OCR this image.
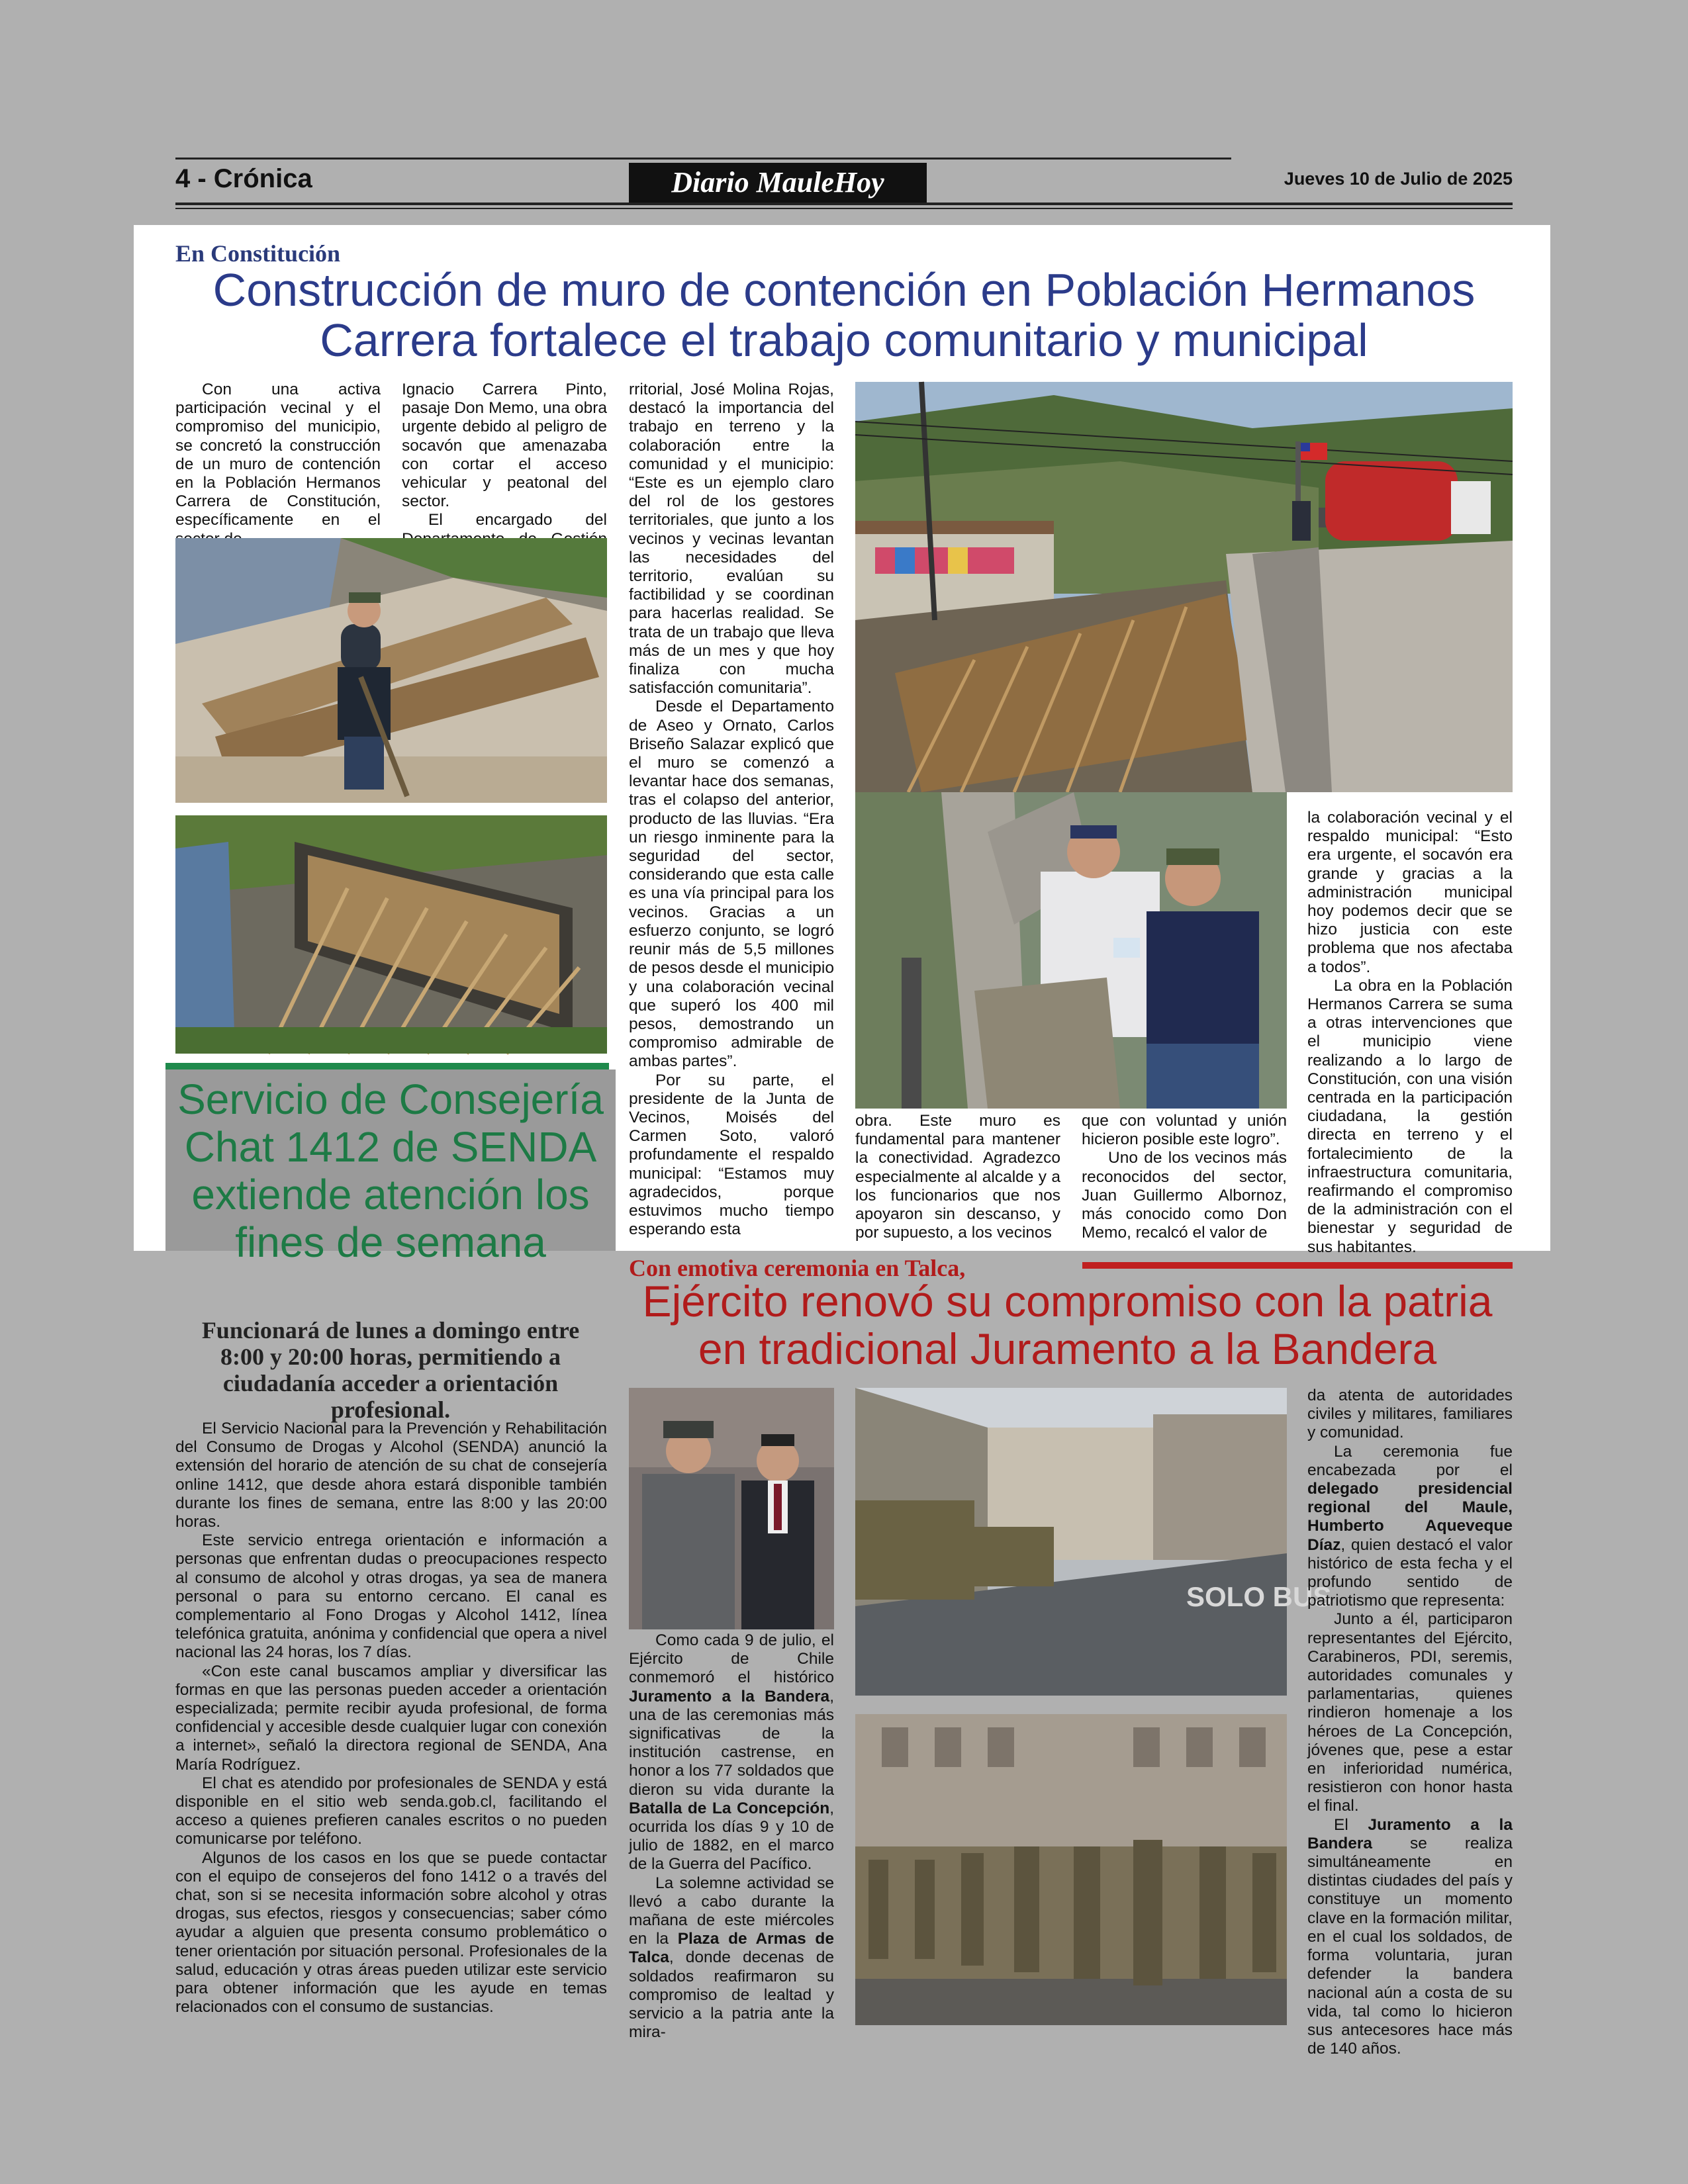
4 - Crónica	Diario MauleHoy	Jueves 10 de Julio de 2025
En Constitución
Construcción de muro de contención en Población Hermanos
Carrera fortalece el trabajo comunitario y municipal

Con una activa participación vecinal y el compromiso del municipio, se concretó la construcción de un muro de contención en la Población Hermanos Carrera de Constitución, específicamente en el

Ignacio Carrera Pinto, pasaje Don Memo, una obra urgente debido al peligro de socavón que amenazaba con cortar el acceso vehicular y peatonal del sector.

El encargado del

rritorial, José Molina Rojas, destacó la importancia del trabajo en terreno y la colaboración entre la comunidad y el municipio: “Este es un ejemplo claro del rol de los gestores territoriales, que junto a los vecinos y vecinas levantan las necesidades del territorio, evalúan su factibilidad y se coordinan para hacerlas realidad. Se trata de un trabajo que lleva más de un mes y que hoy finaliza con mucha satisfacción comunitaria”.

Desde el Departamento de Aseo y Ornato, Carlos Briseño Salazar explicó que el muro se comenzó a levantar hace dos semanas, tras el colapso del anterior, producto de las lluvias. “Era un riesgo inminente para la seguridad del sector, considerando que esta calle es una vía principal para los vecinos. Gracias a un esfuerzo conjunto, se logró reunir más de 5,5 millones de pesos desde el municipio y una colaboración vecinal que superó los 400 mil pesos, demostrando un compromiso admirable de ambas partes”.

Por su parte, el presidente de la Junta de Vecinos, Moisés del Carmen Soto, valoró profundamente el respaldo municipal: “Estamos muy agradecidos, porque estuvimos mucho tiempo esperando esta

obra. Este muro es fundamental para mantener la conectividad. Agradezco especialmente al alcalde y a los funcionarios que nos apoyaron sin descanso, y por supuesto, a los vecinos

que con voluntad y unión hicieron posible este logro”.

Uno de los vecinos más reconocidos del sector, Juan Guillermo Albornoz, más conocido como Don Memo, recalcó el valor de

la colaboración vecinal y el respaldo municipal: “Esto era urgente, el socavón era grande y gracias a la administración municipal hoy podemos decir que se hizo justicia con este problema que nos afectaba a todos”.

La obra en la Población Hermanos Carrera se suma a otras intervenciones que el municipio viene realizando a lo largo de Constitución, con una visión centrada en la participación ciudadana, la gestión directa en terreno y el fortalecimiento de la infraestructura comunitaria, reafirmando el compromiso de la administración con el bienestar y seguridad de sus habitantes.

Servicio de Consejería Chat 1412 de SENDA extiende atención los fines de semana
Funcionará de lunes a domingo entre 8:00 y 20:00 horas, permitiendo a ciudadanía acceder a orientación profesional.

El Servicio Nacional para la Prevención y Rehabilitación del Consumo de Drogas y Alcohol (SENDA) anunció la extensión del horario de atención de su chat de consejería online 1412, que desde ahora estará disponible también durante los fines de semana, entre las 8:00 y las 20:00 horas.

Este servicio entrega orientación e información a personas que enfrentan dudas o preocupaciones respecto al consumo de alcohol y otras drogas, ya sea de manera personal o para su entorno cercano. El canal es complementario al Fono Drogas y Alcohol 1412, línea telefónica gratuita, anónima y confidencial que opera a nivel nacional las 24 horas, los 7 días.

«Con este canal buscamos ampliar y diversificar las formas en que las personas pueden acceder a orientación especializada; permite recibir ayuda profesional, de forma confidencial y accesible desde cualquier lugar con conexión a internet», señaló la directora regional de SENDA, Ana María Rodríguez.

El chat es atendido por profesionales de SENDA y está disponible en el sitio web senda.gob.cl, facilitando el acceso a quienes prefieren canales escritos o no pueden comunicarse por teléfono.

Algunos de los casos en los que se puede contactar con el equipo de consejeros del fono 1412 o a través del chat, son si se necesita información sobre alcohol y otras drogas, sus efectos, riesgos y consecuencias; saber cómo ayudar a alguien que presenta consumo problemático o tener orientación por situación personal. Profesionales de la salud, educación y otras áreas pueden utilizar este servicio para obtener información que les ayude en temas relacionados con el consumo de sustancias.

Con emotiva ceremonia en Talca,
Ejército renovó su compromiso con la patria
en tradicional Juramento a la Bandera

Como cada 9 de julio, el Ejército de Chile conmemoró el histórico Juramento a la Bandera, una de las ceremonias más significativas de la institución castrense, en honor a los 77 soldados que dieron su vida durante la Batalla de La Concepción, ocurrida los días 9 y 10 de julio de 1882, en el marco de la Guerra del Pacífico.

La solemne actividad se llevó a cabo durante la mañana de este miércoles en la Plaza de Armas de Talca, donde decenas de soldados reafirmaron su compromiso de lealtad y servicio a la patria ante la mira-

SOLO BUS

da atenta de autoridades civiles y militares, familiares y comunidad.

La ceremonia fue encabezada por el delegado presidencial regional del Maule, Humberto Aqueveque Díaz, quien destacó el valor histórico de esta fecha y el profundo sentido de patriotismo que representa:

Junto a él, participaron representantes del Ejército, Carabineros, PDI, seremis, autoridades comunales y parlamentarias, quienes rindieron homenaje a los héroes de La Concepción, jóvenes que, pese a estar en inferioridad numérica, resistieron con honor hasta el final.

El Juramento a la Bandera se realiza simultáneamente en distintas ciudades del país y constituye un momento clave en la formación militar, en el cual los soldados, de forma voluntaria, juran defender la bandera nacional aún a costa de su vida, tal como lo hicieron sus antecesores hace más de 140 años.
